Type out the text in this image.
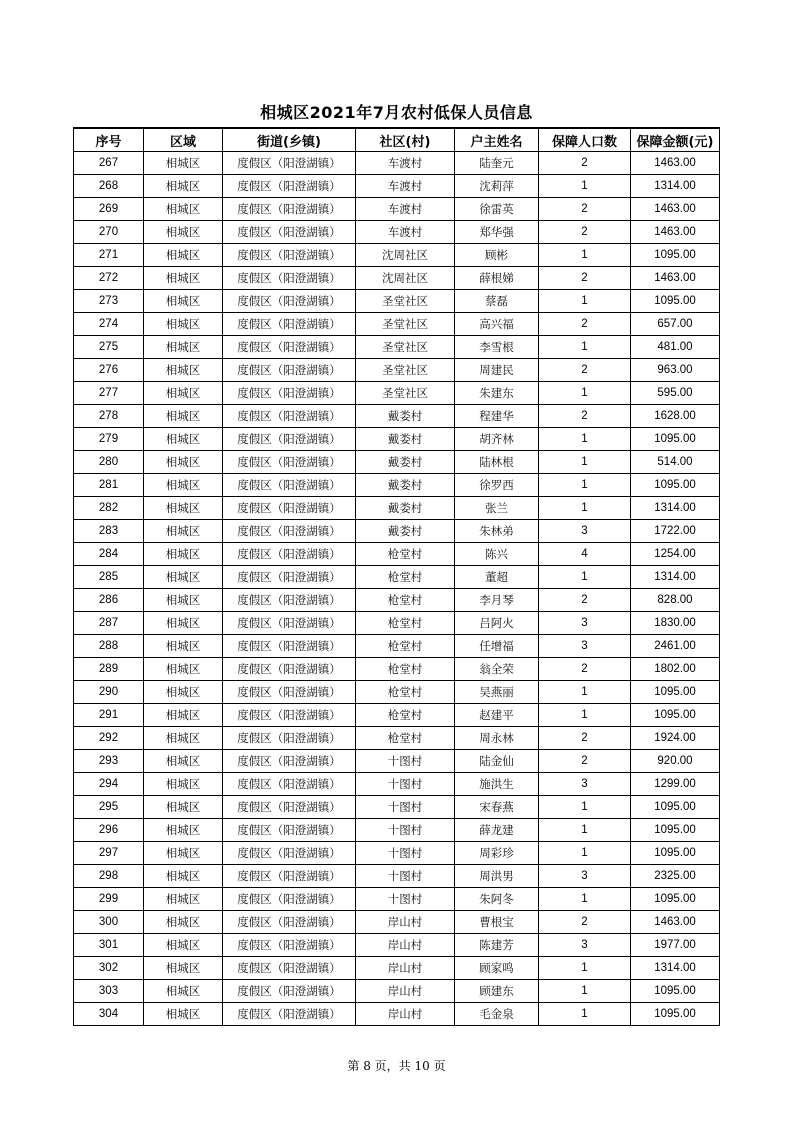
相城区2021年7月农村低保人员信息
序号	区域	街道(乡镇)	社区(村)	户主姓名	保障人口数	保障金额(元)
267	相城区	度假区（阳澄湖镇）	车渡村	陆奎元	2	1463.00
268	相城区	度假区（阳澄湖镇）	车渡村	沈莉萍	1	1314.00
269	相城区	度假区（阳澄湖镇）	车渡村	徐雷英	2	1463.00
270	相城区	度假区（阳澄湖镇）	车渡村	郑华强	2	1463.00
271	相城区	度假区（阳澄湖镇）	沈周社区	顾彬	1	1095.00
272	相城区	度假区（阳澄湖镇）	沈周社区	薛根娣	2	1463.00
273	相城区	度假区（阳澄湖镇）	圣堂社区	蔡磊	1	1095.00
274	相城区	度假区（阳澄湖镇）	圣堂社区	高兴福	2	657.00
275	相城区	度假区（阳澄湖镇）	圣堂社区	李雪根	1	481.00
276	相城区	度假区（阳澄湖镇）	圣堂社区	周建民	2	963.00
277	相城区	度假区（阳澄湖镇）	圣堂社区	朱建东	1	595.00
278	相城区	度假区（阳澄湖镇）	戴娄村	程建华	2	1628.00
279	相城区	度假区（阳澄湖镇）	戴娄村	胡齐林	1	1095.00
280	相城区	度假区（阳澄湖镇）	戴娄村	陆林根	1	514.00
281	相城区	度假区（阳澄湖镇）	戴娄村	徐罗西	1	1095.00
282	相城区	度假区（阳澄湖镇）	戴娄村	张兰	1	1314.00
283	相城区	度假区（阳澄湖镇）	戴娄村	朱林弟	3	1722.00
284	相城区	度假区（阳澄湖镇）	枪堂村	陈兴	4	1254.00
285	相城区	度假区（阳澄湖镇）	枪堂村	董超	1	1314.00
286	相城区	度假区（阳澄湖镇）	枪堂村	李月琴	2	828.00
287	相城区	度假区（阳澄湖镇）	枪堂村	吕阿火	3	1830.00
288	相城区	度假区（阳澄湖镇）	枪堂村	任增福	3	2461.00
289	相城区	度假区（阳澄湖镇）	枪堂村	翁全荣	2	1802.00
290	相城区	度假区（阳澄湖镇）	枪堂村	吴燕丽	1	1095.00
291	相城区	度假区（阳澄湖镇）	枪堂村	赵建平	1	1095.00
292	相城区	度假区（阳澄湖镇）	枪堂村	周永林	2	1924.00
293	相城区	度假区（阳澄湖镇）	十图村	陆金仙	2	920.00
294	相城区	度假区（阳澄湖镇）	十图村	施洪生	3	1299.00
295	相城区	度假区（阳澄湖镇）	十图村	宋春燕	1	1095.00
296	相城区	度假区（阳澄湖镇）	十图村	薛龙建	1	1095.00
297	相城区	度假区（阳澄湖镇）	十图村	周彩珍	1	1095.00
298	相城区	度假区（阳澄湖镇）	十图村	周洪男	3	2325.00
299	相城区	度假区（阳澄湖镇）	十图村	朱阿冬	1	1095.00
300	相城区	度假区（阳澄湖镇）	岸山村	曹根宝	2	1463.00
301	相城区	度假区（阳澄湖镇）	岸山村	陈建芳	3	1977.00
302	相城区	度假区（阳澄湖镇）	岸山村	顾家鸣	1	1314.00
303	相城区	度假区（阳澄湖镇）	岸山村	顾建东	1	1095.00
304	相城区	度假区（阳澄湖镇）	岸山村	毛金泉	1	1095.00
第 8 页，共 10 页
